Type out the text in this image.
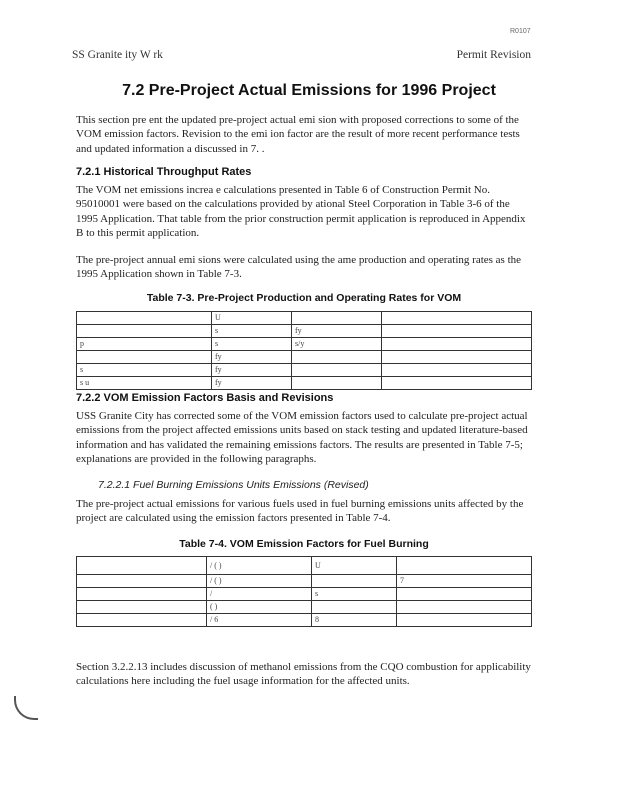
R0107
SS Granite ity W rk	Permit Revision
7.2 Pre-Project Actual Emissions for 1996 Project

This section pre ent the updated pre-project actual emi sion with proposed corrections to some of the VOM emission factors. Revision to the emi ion factor are the result of more recent performance tests and updated information a discussed in 7. .

7.2.1 Historical Throughput Rates

The VOM net emissions increa e calculations presented in Table 6 of Construction Permit No. 95010001 were based on the calculations provided by ational Steel Corporation in Table 3-6 of the 1995 Application. That table from the prior construction permit application is reproduced in Appendix B to this permit application.

The pre-project annual emi sions were calculated using the ame production and operating rates as the 1995 Application shown in Table 7-3.

Table 7-3. Pre-Project Production and Operating Rates for VOM
	U		
	s	fy	
p	s	s/y	
	fy		
s	fy		
s u	fy		
7.2.2 VOM Emission Factors Basis and Revisions

USS Granite City has corrected some of the VOM emission factors used to calculate pre-project actual emissions from the project affected emissions units based on stack testing and updated literature-based information and has validated the remaining emissions factors. The results are presented in Table 7-5; explanations are provided in the following paragraphs.

7.2.2.1 Fuel Burning Emissions Units Emissions (Revised)

The pre-project actual emissions for various fuels used in fuel burning emissions units affected by the project are calculated using the emission factors presented in Table 7-4.

Table 7-4. VOM Emission Factors for Fuel Burning
	/ ( )	U	
	/ ( )		7
	/	s	
	( )		
	/ 6	8	

Section 3.2.2.13 includes discussion of methanol emissions from the CQO combustion for applicability calculations here including the fuel usage information for the affected units.
